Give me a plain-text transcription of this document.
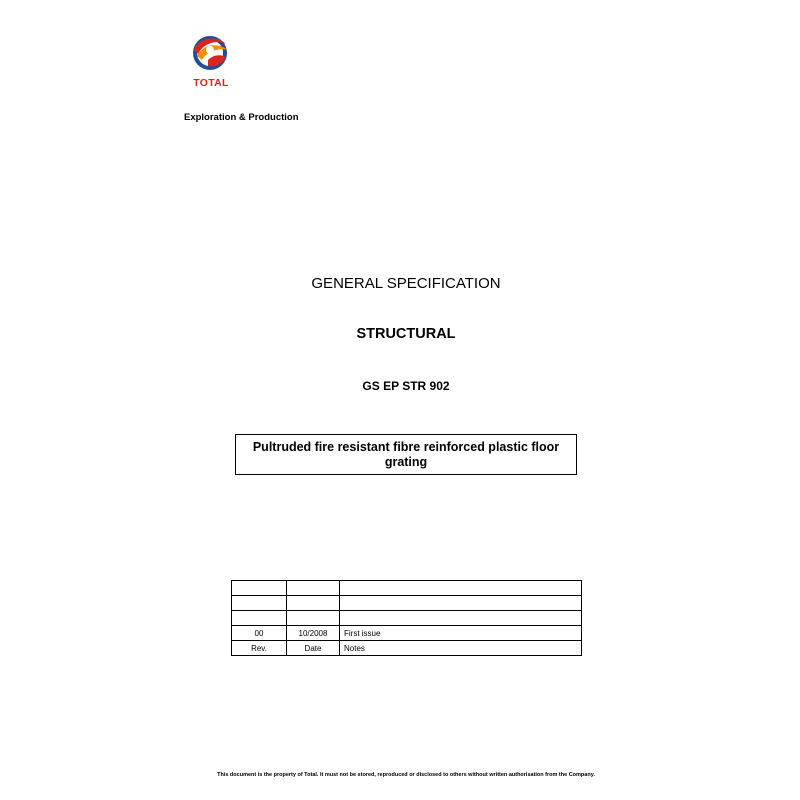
TOTAL
Exploration & Production
GENERAL SPECIFICATION
STRUCTURAL
GS EP STR 902
Pultruded fire resistant fibre reinforced plastic floor
grating

00	10/2008	First issue
Rev.	Date	Notes
This document is the property of Total. It must not be stored, reproduced or disclosed to others without written authorisation from the Company.
